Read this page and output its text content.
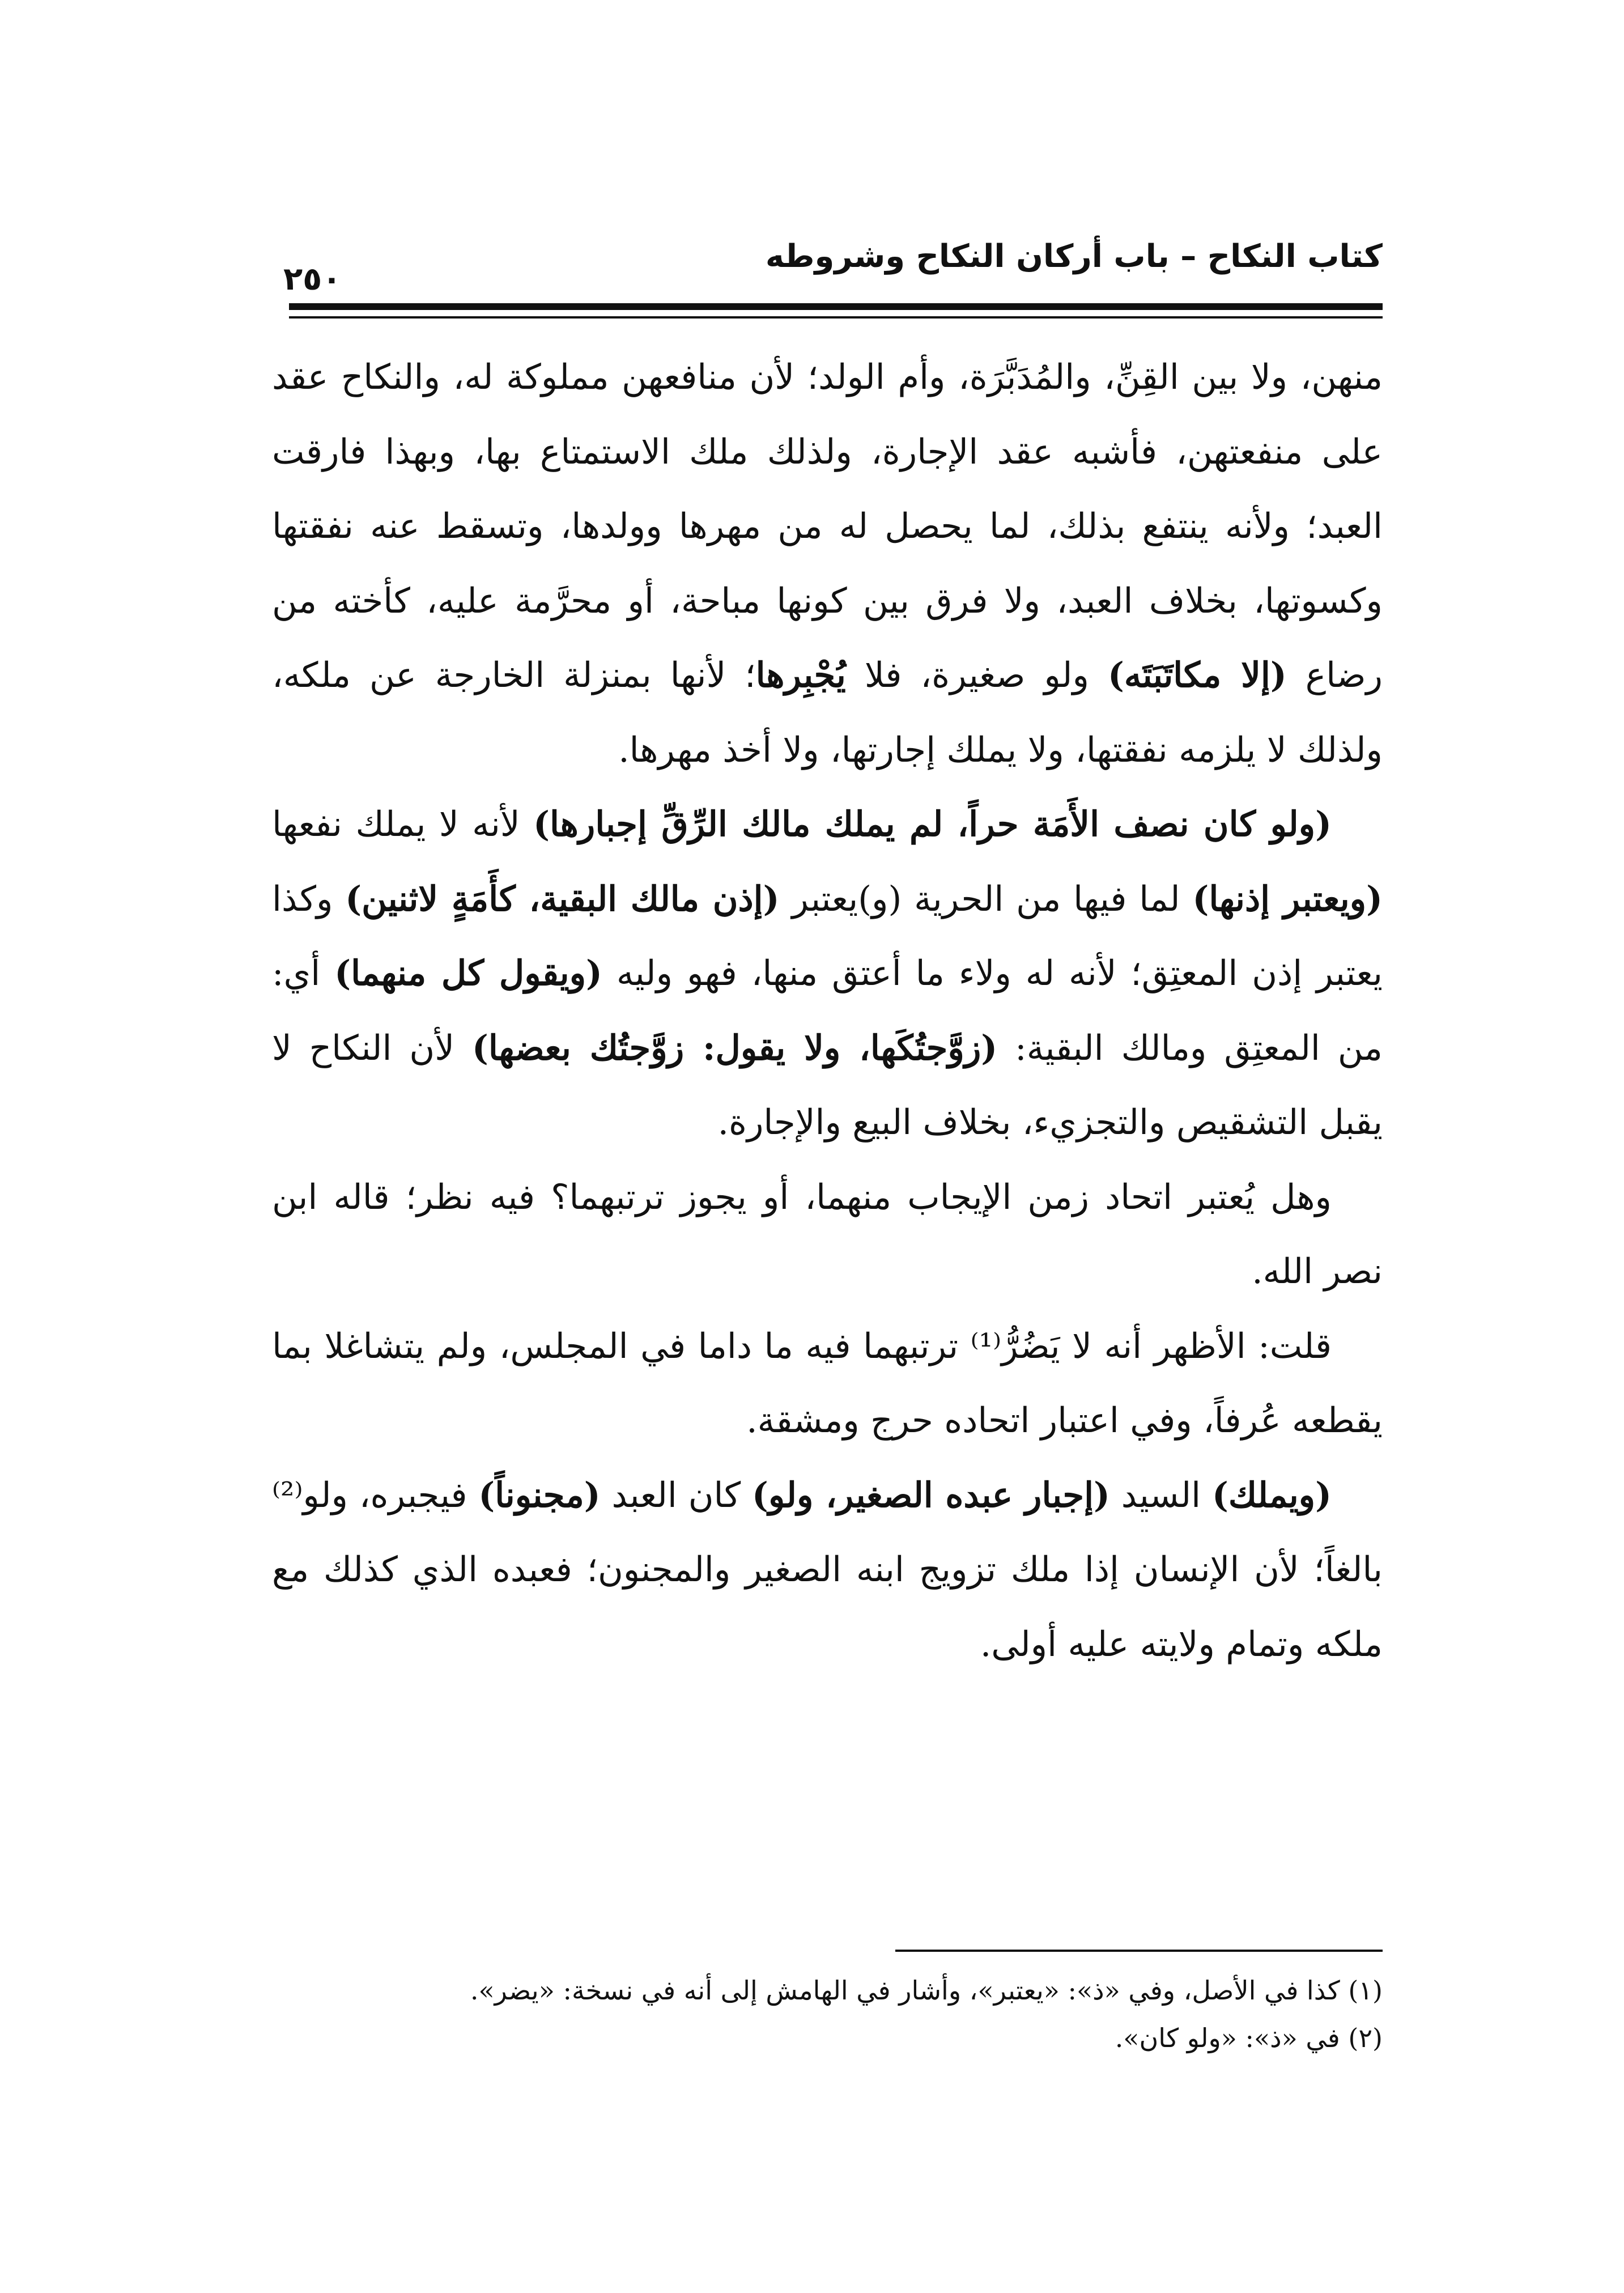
كتاب النكاح – باب أركان النكاح وشروطه
٢٥٠

منهن، ولا بين القِنِّ، والمُدَبَّرَة، وأم الولد؛ لأن منافعهن مملوكة له، والنكاح عقد على منفعتهن، فأشبه عقد الإجارة، ولذلك ملك الاستمتاع بها، وبهذا فارقت العبد؛ ولأنه ينتفع بذلك، لما يحصل له من مهرها وولدها، وتسقط عنه نفقتها وكسوتها، بخلاف العبد، ولا فرق بين كونها مباحة، أو محرَّمة عليه، كأخته من رضاع (إلا مكاتَبَتَه) ولو صغيرة، فلا يُجْبِرها؛ لأنها بمنزلة الخارجة عن ملكه، ولذلك لا يلزمه نفقتها، ولا يملك إجارتها، ولا أخذ مهرها.

(ولو كان نصف الأَمَة حراً، لم يملك مالك الرِّقِّ إجبارها) لأنه لا يملك نفعها (ويعتبر إذنها) لما فيها من الحرية (و)يعتبر (إذن مالك البقية، كأَمَةٍ لاثنين) وكذا يعتبر إذن المعتِق؛ لأنه له ولاء ما أعتق منها، فهو وليه (ويقول كل منهما) أي: من المعتِق ومالك البقية: (زوَّجتُكَها، ولا يقول: زوَّجتُك بعضها) لأن النكاح لا يقبل التشقيص والتجزيء، بخلاف البيع والإجارة.

وهل يُعتبر اتحاد زمن الإيجاب منهما، أو يجوز ترتبهما؟ فيه نظر؛ قاله ابن نصر الله.

قلت: الأظهر أنه لا يَضُرُّ⁽¹⁾ ترتبهما فيه ما داما في المجلس، ولم يتشاغلا بما يقطعه عُرفاً، وفي اعتبار اتحاده حرج ومشقة.

(ويملك) السيد (إجبار عبده الصغير، ولو) كان العبد (مجنوناً) فيجبره، ولو⁽²⁾ بالغاً؛ لأن الإنسان إذا ملك تزويج ابنه الصغير والمجنون؛ فعبده الذي كذلك مع ملكه وتمام ولايته عليه أولى.

(١) كذا في الأصل، وفي «ذ»: «يعتبر»، وأشار في الهامش إلى أنه في نسخة: «يضر».

(٢) في «ذ»: «ولو كان».
